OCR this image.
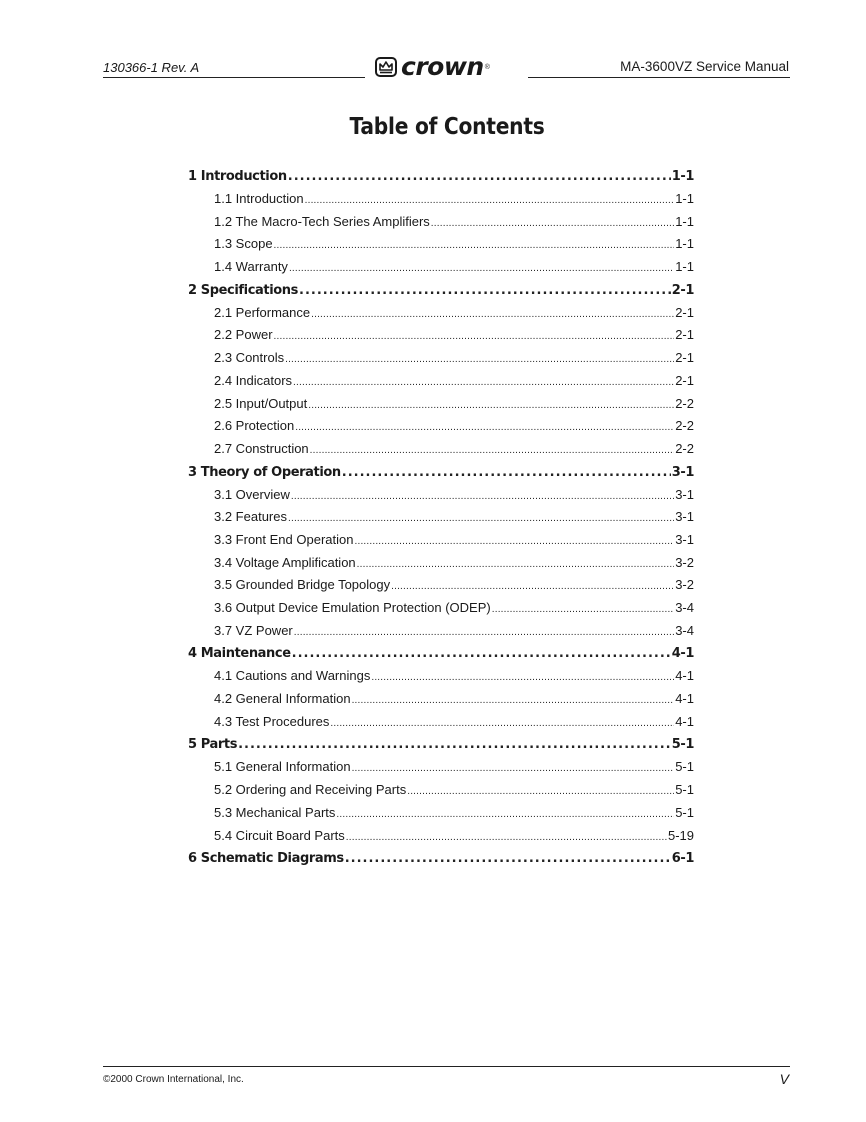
130366-1 Rev. A	crown ®	MA-3600VZ Service Manual
Table of Contents
1 Introduction .....	1-1
1.1 Introduction .....	1-1
1.2 The Macro-Tech Series Amplifiers .....	1-1
1.3 Scope .....	1-1
1.4 Warranty .....	1-1
2 Specifications .....	2-1
2.1 Performance .....	2-1
2.2 Power .....	2-1
2.3 Controls .....	2-1
2.4 Indicators .....	2-1
2.5 Input/Output .....	2-2
2.6 Protection .....	2-2
2.7 Construction .....	2-2
3 Theory of Operation .....	3-1
3.1 Overview .....	3-1
3.2 Features .....	3-1
3.3 Front End Operation .....	3-1
3.4 Voltage Amplification .....	3-2
3.5 Grounded Bridge Topology .....	3-2
3.6 Output Device Emulation Protection (ODEP) .....	3-4
3.7 VZ Power .....	3-4
4 Maintenance .....	4-1
4.1 Cautions and Warnings .....	4-1
4.2 General Information .....	4-1
4.3 Test Procedures .....	4-1
5 Parts .....	5-1
5.1 General Information .....	5-1
5.2 Ordering and Receiving Parts .....	5-1
5.3 Mechanical Parts .....	5-1
5.4 Circuit Board Parts .....	5-19
6 Schematic Diagrams .....	6-1
©2000 Crown International, Inc.	V
